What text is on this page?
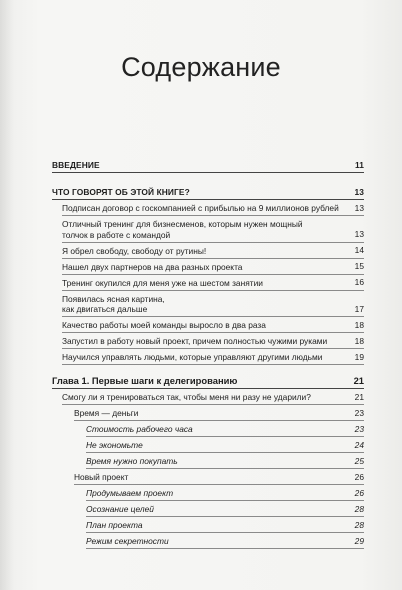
Содержание
ВВЕДЕНИЕ	11
ЧТО ГОВОРЯТ ОБ ЭТОЙ КНИГЕ?	13
Подписан договор с госкомпанией с прибылью на 9 миллионов рублей	13
Отличный тренинг для бизнесменов, которым нужен мощный
толчок в работе с командой	13
Я обрел свободу, свободу от рутины!	14
Нашел двух партнеров на два разных проекта	15
Тренинг окупился для меня уже на шестом занятии	16
Появилась ясная картина,
как двигаться дальше	17
Качество работы моей команды выросло в два раза	18
Запустил в работу новый проект, причем полностью чужими руками	18
Научился управлять людьми, которые управляют другими людьми	19
Глава 1. Первые шаги к делегированию	21
Смогу ли я тренироваться так, чтобы меня ни разу не ударили?	21
Время — деньги	23
Стоимость рабочего часа	23
Не экономьте	24
Время нужно покупать	25
Новый проект	26
Продумываем проект	26
Осознание целей	28
План проекта	28
Режим секретности	29
